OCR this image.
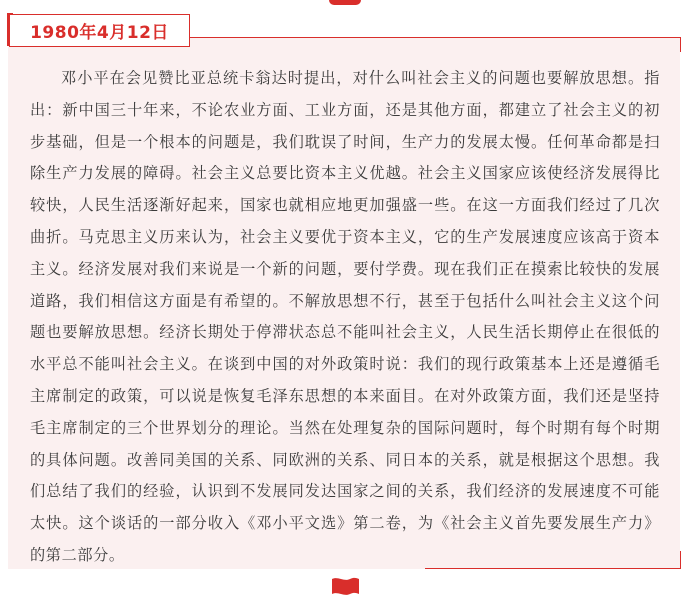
1980年4月12日

邓小平在会见赞比亚总统卡翁达时提出，对什么叫社会主义的问题也要解放思想。指出：新中国三十年来，不论农业方面、工业方面，还是其他方面，都建立了社会主义的初步基础，但是一个根本的问题是，我们耽误了时间，生产力的发展太慢。任何革命都是扫除生产力发展的障碍。社会主义总要比资本主义优越。社会主义国家应该使经济发展得比较快，人民生活逐渐好起来，国家也就相应地更加强盛一些。在这一方面我们经过了几次曲折。马克思主义历来认为，社会主义要优于资本主义，它的生产发展速度应该高于资本主义。经济发展对我们来说是一个新的问题，要付学费。现在我们正在摸索比较快的发展道路，我们相信这方面是有希望的。不解放思想不行，甚至于包括什么叫社会主义这个问题也要解放思想。经济长期处于停滞状态总不能叫社会主义，人民生活长期停止在很低的水平总不能叫社会主义。在谈到中国的对外政策时说：我们的现行政策基本上还是遵循毛主席制定的政策，可以说是恢复毛泽东思想的本来面目。在对外政策方面，我们还是坚持毛主席制定的三个世界划分的理论。当然在处理复杂的国际问题时，每个时期有每个时期的具体问题。改善同美国的关系、同欧洲的关系、同日本的关系，就是根据这个思想。我们总结了我们的经验，认识到不发展同发达国家之间的关系，我们经济的发展速度不可能太快。这个谈话的一部分收入《邓小平文选》第二卷，为《社会主义首先要发展生产力》的第二部分。
